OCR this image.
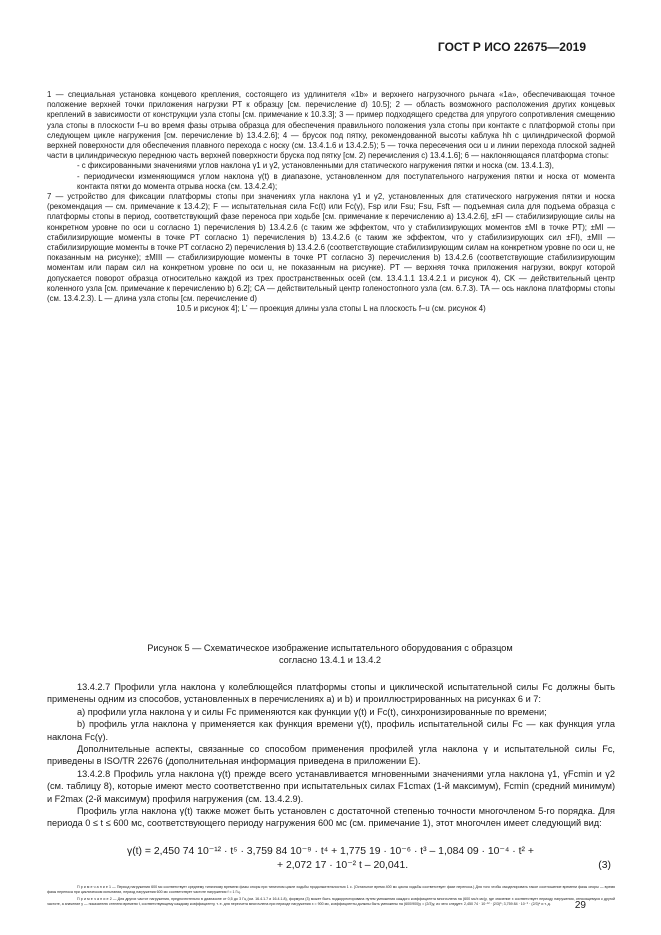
ГОСТ Р ИСО 22675—2019

1 — специальная установка концевого крепления, состоящего из удлинителя «1b» и верхнего нагрузочного рычага «1a», обеспечивающая точное положение верхней точки приложения нагрузки PT к образцу [см. перечисление d) 10.5]; 2 — область возможного расположения других концевых креплений в зависимости от конструкции узла стопы [см. примечание к 10.3.3]; 3 — пример подходящего средства для упругого сопротивления смещению узла стопы в плоскости f–u во время фазы отрыва образца для обеспечения правильного положения узла стопы при контакте с платформой стопы при следующем цикле нагружения [см. перечисление b) 13.4.2.6]; 4 — брусок под пятку, рекомендованной высоты каблука hh с цилиндрической формой верхней поверхности для обеспечения плавного перехода с носку (см. 13.4.1.6 и 13.4.2.5); 5 — точка пересечения оси u и линии перехода плоской задней части в цилиндрическую переднюю часть верхней поверхности бруска под пятку [см. 2) перечисления c) 13.4.1.6]; 6 — наклоняющаяся платформа стопы:

- с фиксированными значениями углов наклона γ1 и γ2, установленными для статического нагружения пятки и носка (см. 13.4.1.3),

- периодически изменяющимся углом наклона γ(t) в диапазоне, установленном для поступательного нагружения пятки и носка от момента контакта пятки до момента отрыва носка (см. 13.4.2.4);

7 — устройство для фиксации платформы стопы при значениях угла наклона γ1 и γ2, установленных для статического нагружения пятки и носка (рекомендация — см. примечание к 13.4.2); F — испытательная сила Fc(t) или Fc(γ), Fsp или Fsu; Fsu, Fsft — подъемная сила для подъема образца с платформы стопы в период, соответствующий фазе переноса при ходьбе [см. примечание к перечислению a) 13.4.2.6], ±FI — стабилизирующие силы на конкретном уровне по оси u согласно 1) перечисления b) 13.4.2.6 (с таким же эффектом, что у стабилизирующих моментов ±MI в точке PT); ±MI — стабилизирующие моменты в точке PT согласно 1) перечисления b) 13.4.2.6 (с таким же эффектом, что у стабилизирующих сил ±FI), ±MII — стабилизирующие моменты в точке PT согласно 2) перечисления b) 13.4.2.6 (соответствующие стабилизирующим силам на конкретном уровне по оси u, не показанным на рисунке); ±MIII — стабилизирующие моменты в точке PT согласно 3) перечисления b) 13.4.2.6 (соответствующие стабилизирующим моментам или парам сил на конкретном уровне по оси u, не показанным на рисунке). PT — верхняя точка приложения нагрузки, вокруг которой допускается поворот образца относительно каждой из трех пространственных осей (см. 13.4.1.1 13.4.2.1 и рисунок 4), CK — действительный центр коленного узла [см. примечание к перечислению b) 6.2]; CA — действительный центр голеностопного узла (см. 6.7.3). TA — ось наклона платформы стопы (см. 13.4.2.3). L — длина узла стопы [см. перечисление d)

10.5 и рисунок 4]; L' — проекция длины узла стопы L на плоскость f–u (см. рисунок 4)

Рисунок 5 — Схематическое изображение испытательного оборудования с образцом
согласно 13.4.1 и 13.4.2

13.4.2.7 Профили угла наклона γ колеблющейся платформы стопы и циклической испытательной силы Fc должны быть применены одним из способов, установленных в перечислениях a) и b) и проиллюстрированных на рисунках 6 и 7:

a) профили угла наклона γ и силы Fc применяются как функции γ(t) и Fc(t), синхронизированные по времени;

b) профиль угла наклона γ применяется как функция времени γ(t), профиль испытательной силы Fc — как функция угла наклона Fc(γ).

Дополнительные аспекты, связанные со способом применения профилей угла наклона γ и испытательной силы Fc, приведены в ISO/TR 22676 (дополнительная информация приведена в приложении E).

13.4.2.8 Профиль угла наклона γ(t) прежде всего устанавливается мгновенными значениями угла наклона γ1, γFcmin и γ2 (см. таблицу 8), которые имеют место соответственно при испытательных силах F1cmax (1-й максимум), Fcmin (средний минимум) и F2max (2-й максимум) профиля нагружения (см. 13.4.2.9).

Профиль угла наклона γ(t) также может быть установлен с достаточной степенью точности многочленом 5-го порядка. Для периода 0 ≤ t ≤ 600 мс, соответствующего периоду нагружения 600 мс (см. примечание 1), этот многочлен имеет следующий вид:

γ(t) = 2,450 74 10⁻¹² · t⁵ · 3,759 84 10⁻⁹ · t⁴ + 1,775 19 · 10⁻⁶ · t³ – 1,084 09 · 10⁻⁴ · t² +
+ 2,072 17 · 10⁻² t – 20,041.	(3)

П р и м е ч а н и е 1 — Период нагружения 600 мс соответствует среднему типичному времени фазы опоры при типичном цикле ходьбы продолжительностью 1 с. (Остальное время 400 мс цикла ходьбы соответствует фазе переноса.) Для того чтобы смоделировать такое соотношение времени фазы опоры — время фазы переноса при циклическом испытании, период нагружения 600 мс соответствует частоте нагружения f = 1 Гц.

П р и м е ч а н и е 2 — Для других частот нагружения, предпочтительно в диапазоне от 0,5 до 3 Гц (см. 16.4.1.7 и 16.4.1.8), формула (3) может быть подкорректирована путем умножения каждого коэффициента многочлена на (600 мс/x мс)y, где значение x соответствует периоду нагружения, относящемуся к другой частоте, а значение y — показателю степени времени t, соответствующему каждому коэффициенту, т. е. для пересчета многочлена при периоде нагружения x = 900 мс, коэффициенты должны быть умножены на (600/900)y = (2/3)y, из чего следует: 2,450 74 · 10⁻¹² · (2/3)⁵; 3,759 84 · 10⁻⁹ · (2/3)⁴ и т. д.	29
